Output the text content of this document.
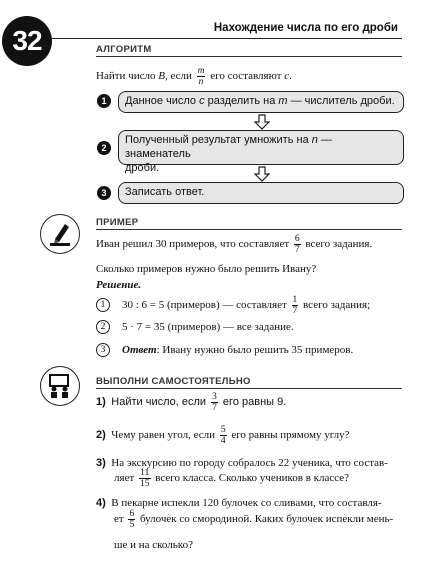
32	Нахождение числа по его дроби
АЛГОРИТМ
Найти число B, если $\frac{m}{n}$ его составляют c.
1	Данное число c разделить на m — числитель дроби.
2
Полученный результат умножить на n — знаменатель
дроби.
3	Записать ответ.
ПРИМЕР
Иван решил 30 примеров, что составляет $\frac{6}{7}$ всего задания.
Сколько примеров нужно было решить Ивану?
Решение.
1 30 : 6 = 5 (примеров) — составляет $\frac{1}{7}$ всего задания;
2 5 · 7 = 35 (примеров) — все задание.
3 Ответ: Ивану нужно было решить 35 примеров.
ВЫПОЛНИ САМОСТОЯТЕЛЬНО
1) Найти число, если $\frac{3}{7}$ его равны 9.
2) Чему равен угол, если $\frac{5}{4}$ его равны прямому углу?
3) На экскурсию по городу собралось 22 ученика, что состав-
ляет $\frac{11}{15}$ всего класса. Сколько учеников в классе?
4) В пекарне испекли 120 булочек со сливами, что составля-
ет $\frac{6}{5}$ булочек со смородиной. Каких булочек испекли мень-
ше и на сколько?
